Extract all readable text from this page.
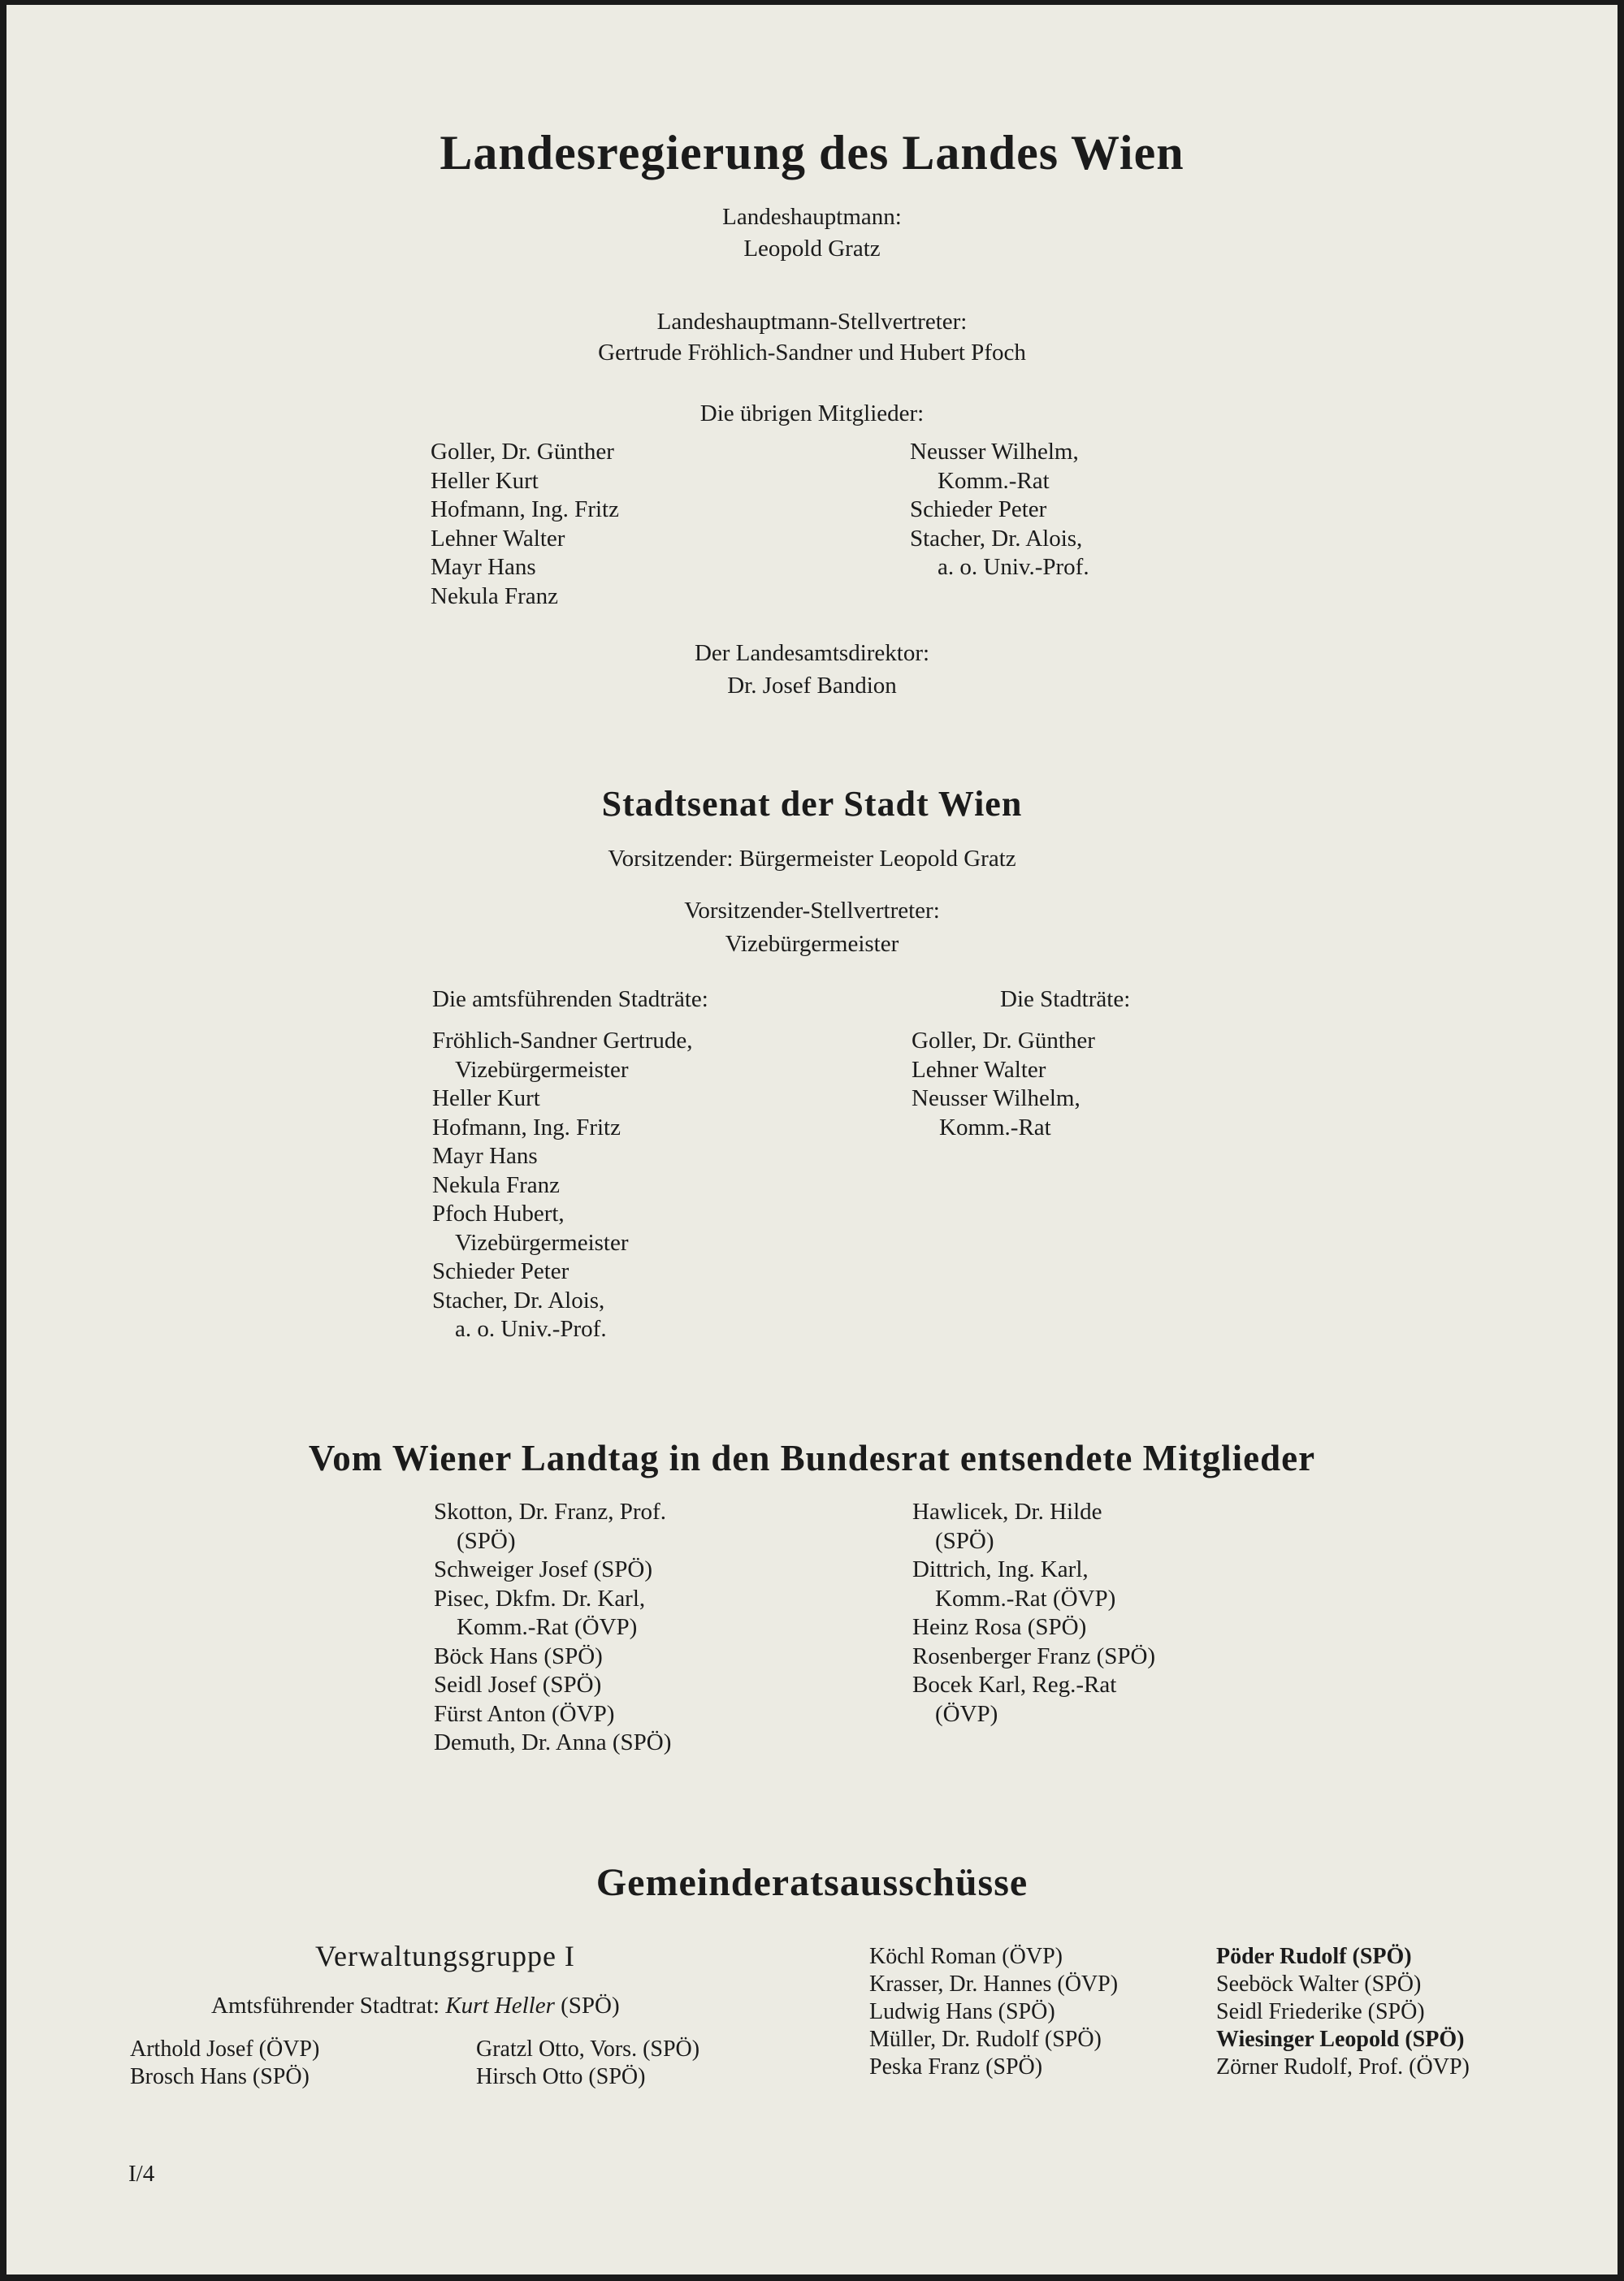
Landesregierung des Landes Wien
Landeshauptmann:
Leopold Gratz
Landeshauptmann-Stellvertreter:
Gertrude Fröhlich-Sandner und Hubert Pfoch
Die übrigen Mitglieder:
Goller, Dr. Günther
Heller Kurt
Hofmann, Ing. Fritz
Lehner Walter
Mayr Hans
Nekula Franz
Neusser Wilhelm,
Komm.-Rat
Schieder Peter
Stacher, Dr. Alois,
a. o. Univ.-Prof.
Der Landesamtsdirektor:
Dr. Josef Bandion
Stadtsenat der Stadt Wien
Vorsitzender: Bürgermeister Leopold Gratz
Vorsitzender-Stellvertreter:
Vizebürgermeister
Die amtsführenden Stadträte:	Die Stadträte:
Fröhlich-Sandner Gertrude,
Vizebürgermeister
Heller Kurt
Hofmann, Ing. Fritz
Mayr Hans
Nekula Franz
Pfoch Hubert,
Vizebürgermeister
Schieder Peter
Stacher, Dr. Alois,
a. o. Univ.-Prof.
Goller, Dr. Günther
Lehner Walter
Neusser Wilhelm,
Komm.-Rat
Vom Wiener Landtag in den Bundesrat entsendete Mitglieder
Skotton, Dr. Franz, Prof.
(SPÖ)
Schweiger Josef (SPÖ)
Pisec, Dkfm. Dr. Karl,
Komm.-Rat (ÖVP)
Böck Hans (SPÖ)
Seidl Josef (SPÖ)
Fürst Anton (ÖVP)
Demuth, Dr. Anna (SPÖ)
Hawlicek, Dr. Hilde
(SPÖ)
Dittrich, Ing. Karl,
Komm.-Rat (ÖVP)
Heinz Rosa (SPÖ)
Rosenberger Franz (SPÖ)
Bocek Karl, Reg.-Rat
(ÖVP)
Gemeinderatsausschüsse
Verwaltungsgruppe I
Amtsführender Stadtrat: Kurt Heller (SPÖ)
Arthold Josef (ÖVP)
Brosch Hans (SPÖ)
Gratzl Otto, Vors. (SPÖ)
Hirsch Otto (SPÖ)
Köchl Roman (ÖVP)
Krasser, Dr. Hannes (ÖVP)
Ludwig Hans (SPÖ)
Müller, Dr. Rudolf (SPÖ)
Peska Franz (SPÖ)
Pöder Rudolf (SPÖ)
Seeböck Walter (SPÖ)
Seidl Friederike (SPÖ)
Wiesinger Leopold (SPÖ)
Zörner Rudolf, Prof. (ÖVP)
I/4
